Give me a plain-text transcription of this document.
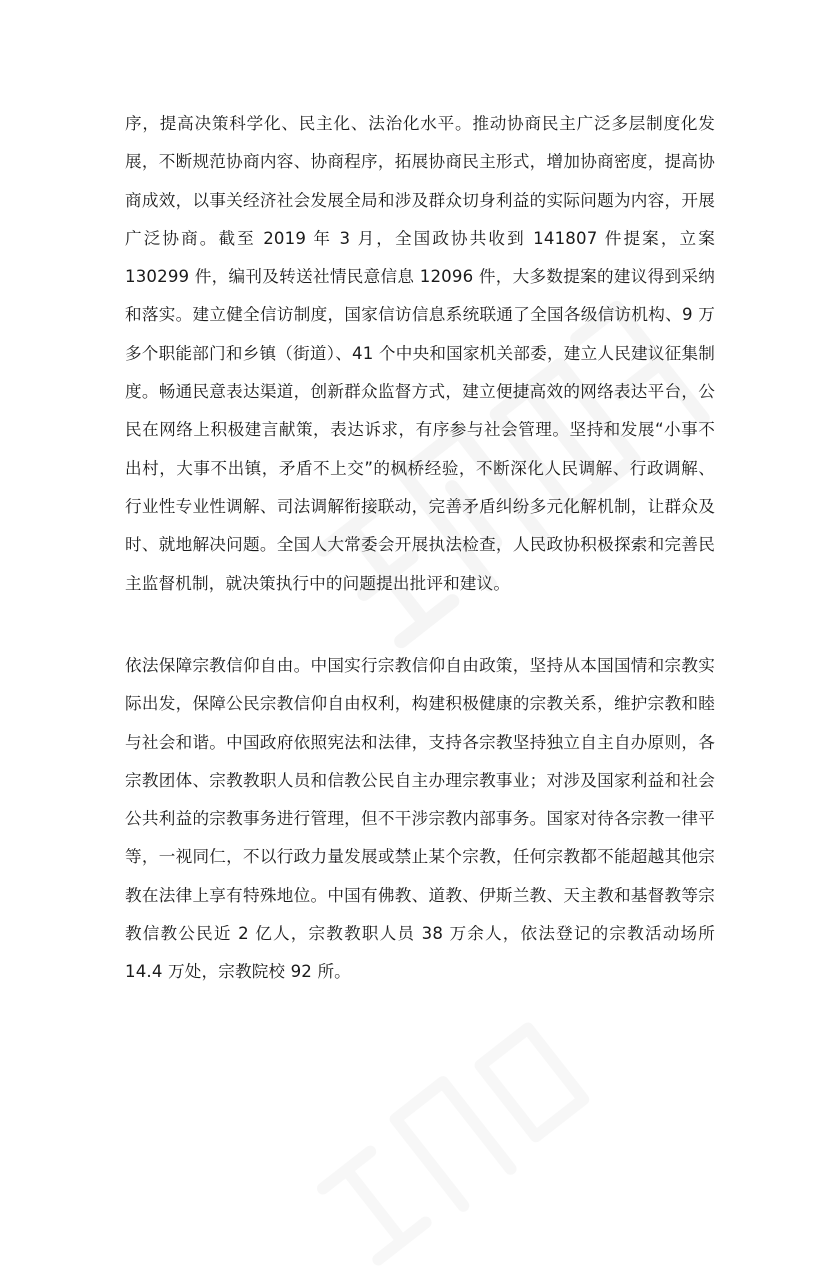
序，提高决策科学化、民主化、法治化水平。推动协商民主广泛多层制度化发展，不断规范协商内容、协商程序，拓展协商民主形式，增加协商密度，提高协商成效，以事关经济社会发展全局和涉及群众切身利益的实际问题为内容，开展广泛协商。截至 2019 年 3 月，全国政协共收到 141807 件提案，立案 130299 件，编刊及转送社情民意信息 12096 件，大多数提案的建议得到采纳和落实。建立健全信访制度，国家信访信息系统联通了全国各级信访机构、9 万多个职能部门和乡镇（街道）、41 个中央和国家机关部委，建立人民建议征集制度。畅通民意表达渠道，创新群众监督方式，建立便捷高效的网络表达平台，公民在网络上积极建言献策，表达诉求，有序参与社会管理。坚持和发展“小事不出村，大事不出镇，矛盾不上交”的枫桥经验，不断深化人民调解、行政调解、行业性专业性调解、司法调解衔接联动，完善矛盾纠纷多元化解机制，让群众及时、就地解决问题。全国人大常委会开展执法检查，人民政协积极探索和完善民主监督机制，就决策执行中的问题提出批评和建议。

依法保障宗教信仰自由。中国实行宗教信仰自由政策，坚持从本国国情和宗教实际出发，保障公民宗教信仰自由权利，构建积极健康的宗教关系，维护宗教和睦与社会和谐。中国政府依照宪法和法律，支持各宗教坚持独立自主自办原则，各宗教团体、宗教教职人员和信教公民自主办理宗教事业；对涉及国家利益和社会公共利益的宗教事务进行管理，但不干涉宗教内部事务。国家对待各宗教一律平等，一视同仁，不以行政力量发展或禁止某个宗教，任何宗教都不能超越其他宗教在法律上享有特殊地位。中国有佛教、道教、伊斯兰教、天主教和基督教等宗教信教公民近 2 亿人，宗教教职人员 38 万余人，依法登记的宗教活动场所 14.4 万处，宗教院校 92 所。
